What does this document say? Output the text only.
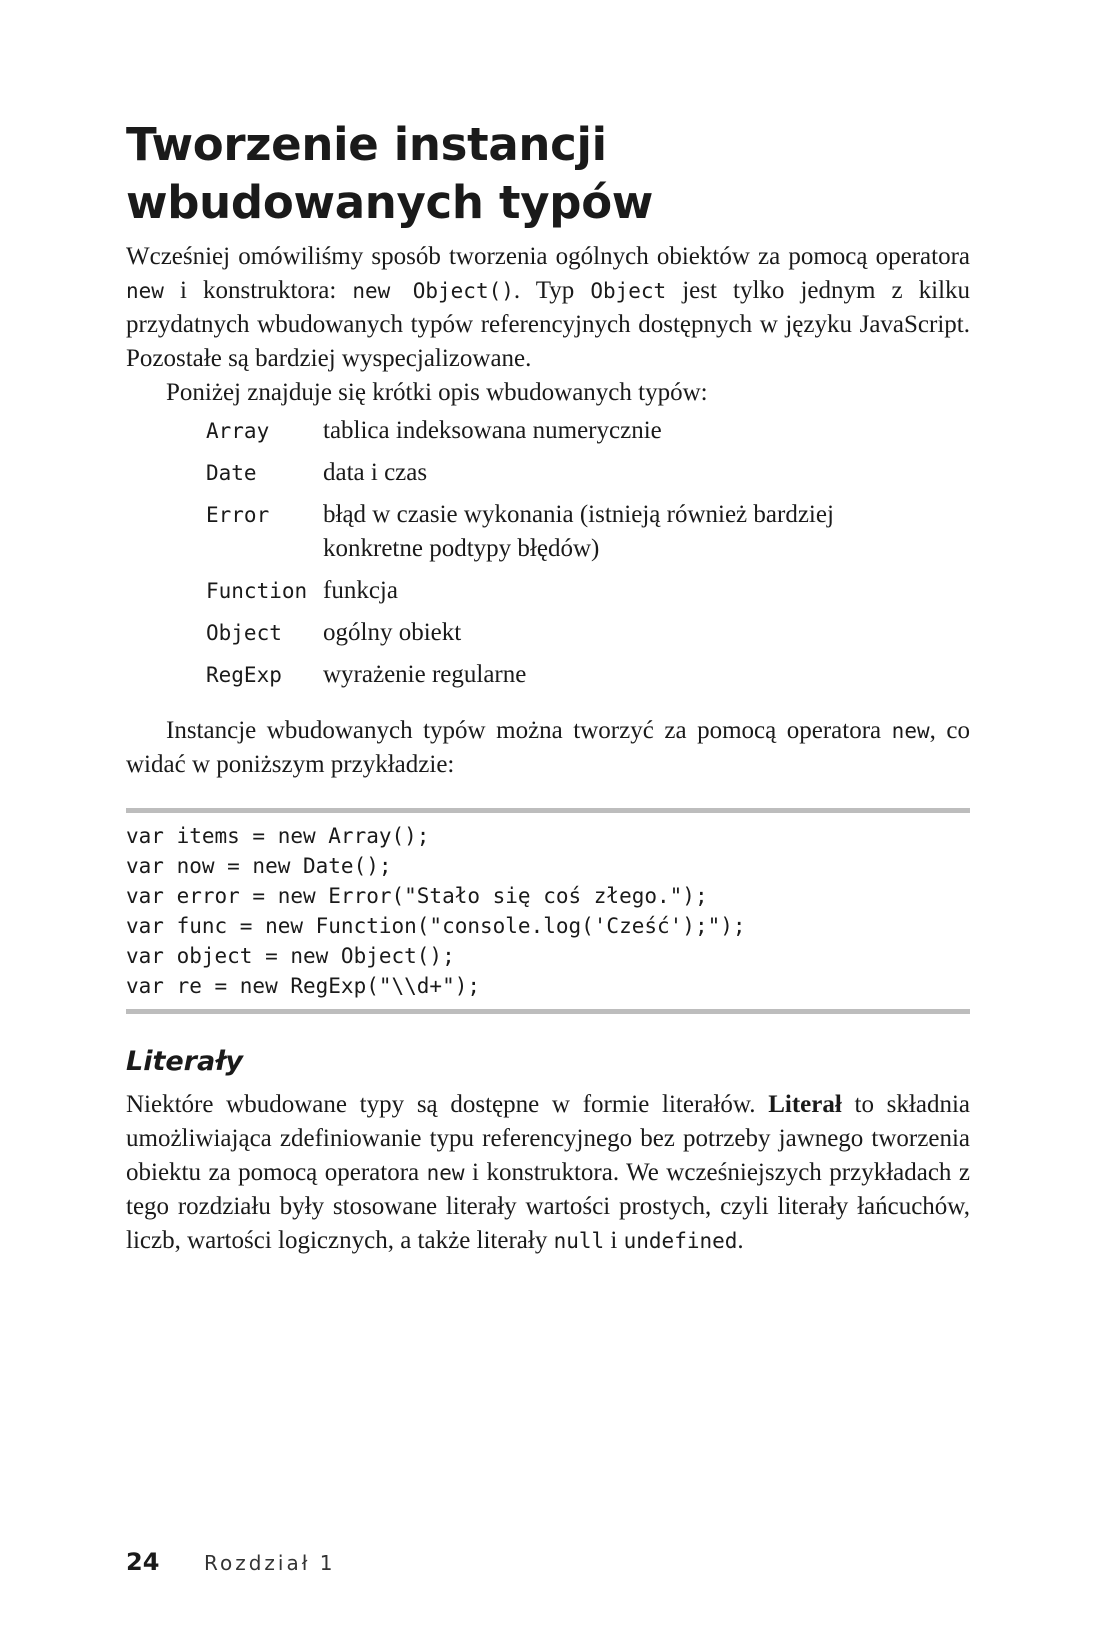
Tworzenie instancji
wbudowanych typów

Wcześniej omówiliśmy sposób tworzenia ogólnych obiektów za pomocą operatora new i konstruktora: new Object(). Typ Object jest tylko jednym z kilku przydatnych wbudowanych typów referencyjnych dostępnych w języku JavaScript. Pozostałe są bardziej wyspecjalizowane.

Poniżej znajduje się krótki opis wbudowanych typów:

Array	tablica indeksowana numerycznie
Date	data i czas
Error	błąd w czasie wykonania (istnieją również bardziej konkretne podtypy błędów)
Function funkcja
Object	ogólny obiekt
RegExp	wyrażenie regularne

Instancje wbudowanych typów można tworzyć za pomocą operatora new, co widać w poniższym przykładzie:

var items = new Array();
var now = new Date();
var error = new Error("Stało się coś złego.");
var func = new Function("console.log('Cześć');");
var object = new Object();
var re = new RegExp("\\d+");
Literały

Niektóre wbudowane typy są dostępne w formie literałów. Literał to składnia umożliwiająca zdefiniowanie typu referencyjnego bez potrzeby jawnego tworzenia obiektu za pomocą operatora new i konstruktora. We wcześniejszych przykładach z tego rozdziału były stosowane literały wartości prostych, czyli literały łańcuchów, liczb, wartości logicznych, a także literały null i undefined.

24	Rozdział 1
